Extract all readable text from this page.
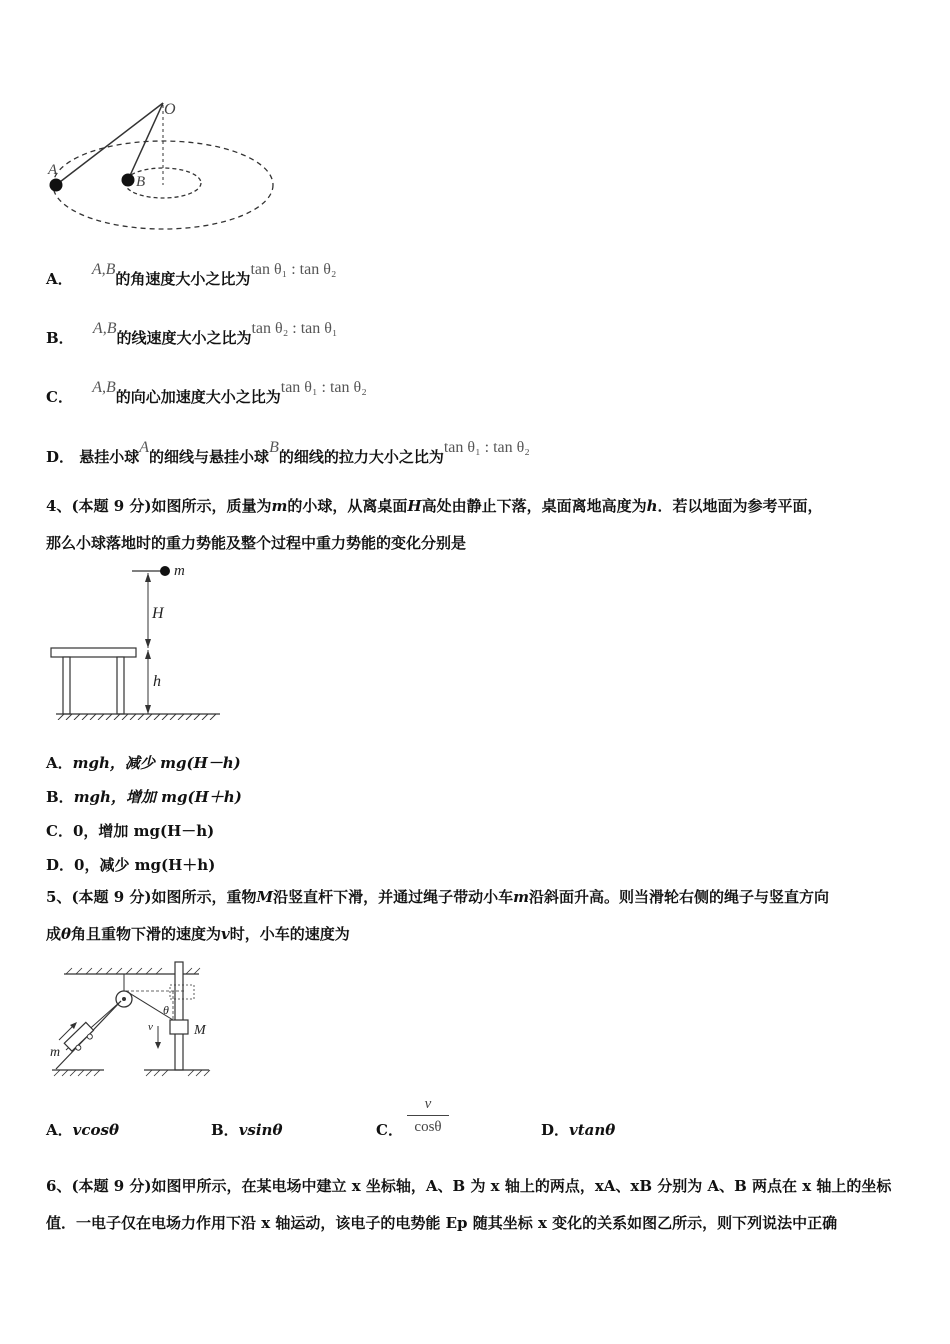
O
A
B
A． A,B的角速度大小之比为tan θ₁ : tan θ₂
B． A,B的线速度大小之比为tan θ₂ : tan θ₁
C． A,B的向心加速度大小之比为tan θ₁ : tan θ₂
D． 悬挂小球A的细线与悬挂小球B的细线的拉力大小之比为tan θ₁ : tan θ₂
4、(本题 9 分)如图所示，质量为m的小球，从离桌面H高处由静止下落，桌面离地高度为h．若以地面为参考平面，
那么小球落地时的重力势能及整个过程中重力势能的变化分别是
m
H
h
A．mgh，减少 mg(H－h)
B．mgh，增加 mg(H＋h)
C．0，增加 mg(H－h)
D．0，减少 mg(H＋h)
5、(本题 9 分)如图所示，重物M沿竖直杆下滑，并通过绳子带动小车m沿斜面升高。则当滑轮右侧的绳子与竖直方向
成θ角且重物下滑的速度为v时，小车的速度为
θ
M
v
m
A．vcosθ	B．vsinθ	C．
v
cosθ	D．vtanθ
6、(本题 9 分)如图甲所示，在某电场中建立 x 坐标轴，A、B 为 x 轴上的两点，xA、xB 分别为 A、B 两点在 x 轴上的坐标
值．一电子仅在电场力作用下沿 x 轴运动，该电子的电势能 Ep 随其坐标 x 变化的关系如图乙所示，则下列说法中正确
